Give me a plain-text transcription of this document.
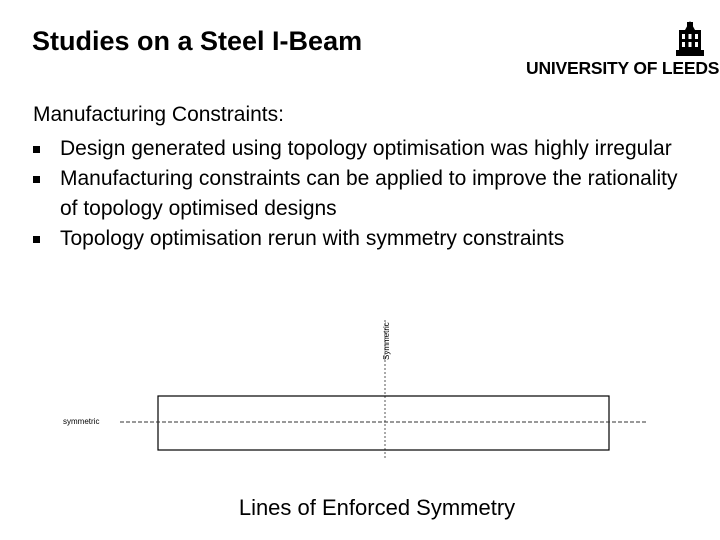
Studies on a Steel I-Beam
UNIVERSITY OF LEEDS
Manufacturing Constraints:
Design generated using topology optimisation was highly irregular
Manufacturing constraints can be applied to improve the rationality of topology optimised designs
Topology optimisation rerun with symmetry constraints
symmetric
Symmetric
Lines of Enforced Symmetry
